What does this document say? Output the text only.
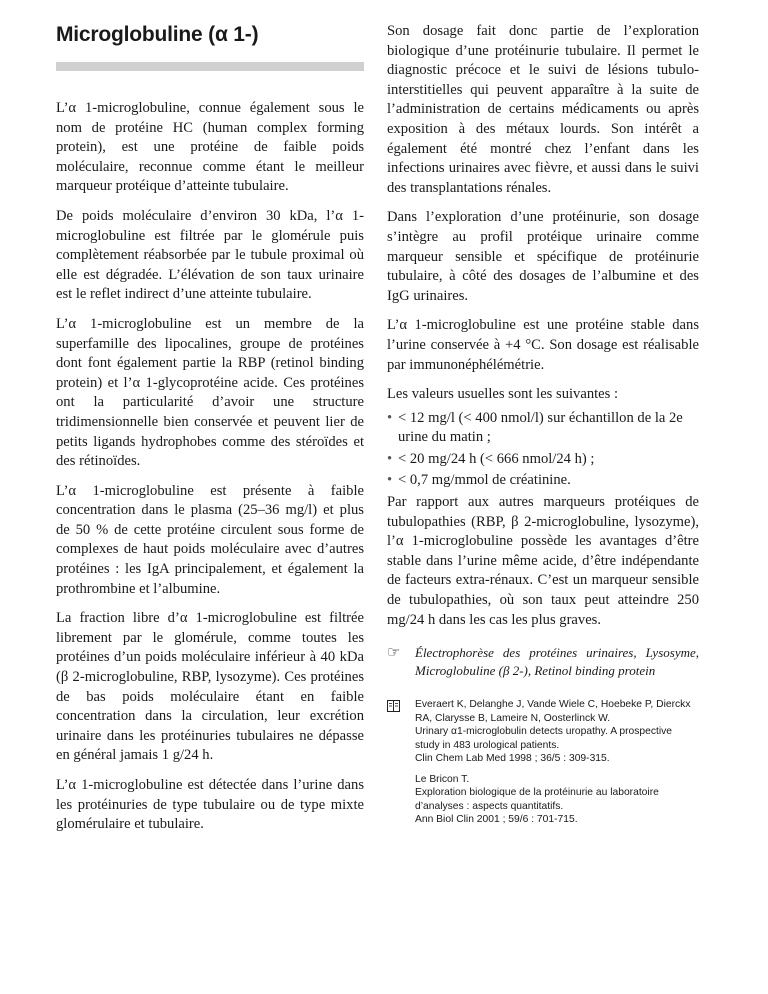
Microglobuline (α 1-)

L’α 1-microglobuline, connue également sous le nom de protéine HC (human complex forming protein), est une protéine de faible poids moléculaire, reconnue comme étant le meilleur marqueur protéique d’atteinte tubulaire.

De poids moléculaire d’environ 30 kDa, l’α 1-microglobuline est filtrée par le glomérule puis complètement réabsorbée par le tubule proximal où elle est dégradée. L’élévation de son taux urinaire est le reflet indirect d’une atteinte tubulaire.

L’α 1-microglobuline est un membre de la superfamille des lipocalines, groupe de protéines dont font également partie la RBP (retinol binding protein) et l’α 1-glycoprotéine acide. Ces protéines ont la particularité d’avoir une structure tridimensionnelle bien conservée et peuvent lier de petits ligands hydrophobes comme des stéroïdes et des rétinoïdes.

L’α 1-microglobuline est présente à faible concentration dans le plasma (25–36 mg/l) et plus de 50 % de cette protéine circulent sous forme de complexes de haut poids moléculaire avec d’autres protéines : les IgA principalement, et également la prothrombine et l’albumine.

La fraction libre d’α 1-microglobuline est filtrée librement par le glomérule, comme toutes les protéines d’un poids moléculaire inférieur à 40 kDa (β 2-microglobuline, RBP, lysozyme). Ces protéines de bas poids moléculaire étant en faible concentration dans la circulation, leur excrétion urinaire dans les protéinuries tubulaires ne dépasse en général jamais 1 g/24 h.

L’α 1-microglobuline est détectée dans l’urine dans les protéinuries de type tubulaire ou de type mixte glomérulaire et tubulaire.

Son dosage fait donc partie de l’exploration biologique d’une protéinurie tubulaire. Il permet le diagnostic précoce et le suivi de lésions tubulo-interstitielles qui peuvent apparaître à la suite de l’administration de certains médicaments ou après exposition à des métaux lourds. Son intérêt a également été montré chez l’enfant dans les infections urinaires avec fièvre, et aussi dans le suivi des transplantations rénales.

Dans l’exploration d’une protéinurie, son dosage s’intègre au profil protéique urinaire comme marqueur sensible et spécifique de protéinurie tubulaire, à côté des dosages de l’albumine et des IgG urinaires.

L’α 1-microglobuline est une protéine stable dans l’urine conservée à +4 °C. Son dosage est réalisable par immunonéphélémétrie.

Les valeurs usuelles sont les suivantes :

• < 12 mg/l (< 400 nmol/l) sur échantillon de la 2e urine du matin ;
• < 20 mg/24 h (< 666 nmol/24 h) ;
• < 0,7 mg/mmol de créatinine.

Par rapport aux autres marqueurs protéiques de tubulopathies (RBP, β 2-microglobuline, lysozyme), l’α 1-microglobuline possède les avantages d’être stable dans l’urine même acide, d’être indépendante de facteurs extra-rénaux. C’est un marqueur sensible de tubulopathies, où son taux peut atteindre 250 mg/24 h dans les cas les plus graves.

☞	Électrophorèse des protéines urinaires, Lysosyme, Microglobuline (β 2-), Retinol binding protein
Everaert K, Delanghe J, Vande Wiele C, Hoebeke P, Dierckx RA, Clarysse B, Lameire N, Oosterlinck W.
Urinary α1-microglobulin detects uropathy. A prospective study in 483 urological patients.
Clin Chem Lab Med 1998 ; 36/5 : 309-315.
Le Bricon T.
Exploration biologique de la protéinurie au laboratoire d’analyses : aspects quantitatifs.
Ann Biol Clin 2001 ; 59/6 : 701-715.
